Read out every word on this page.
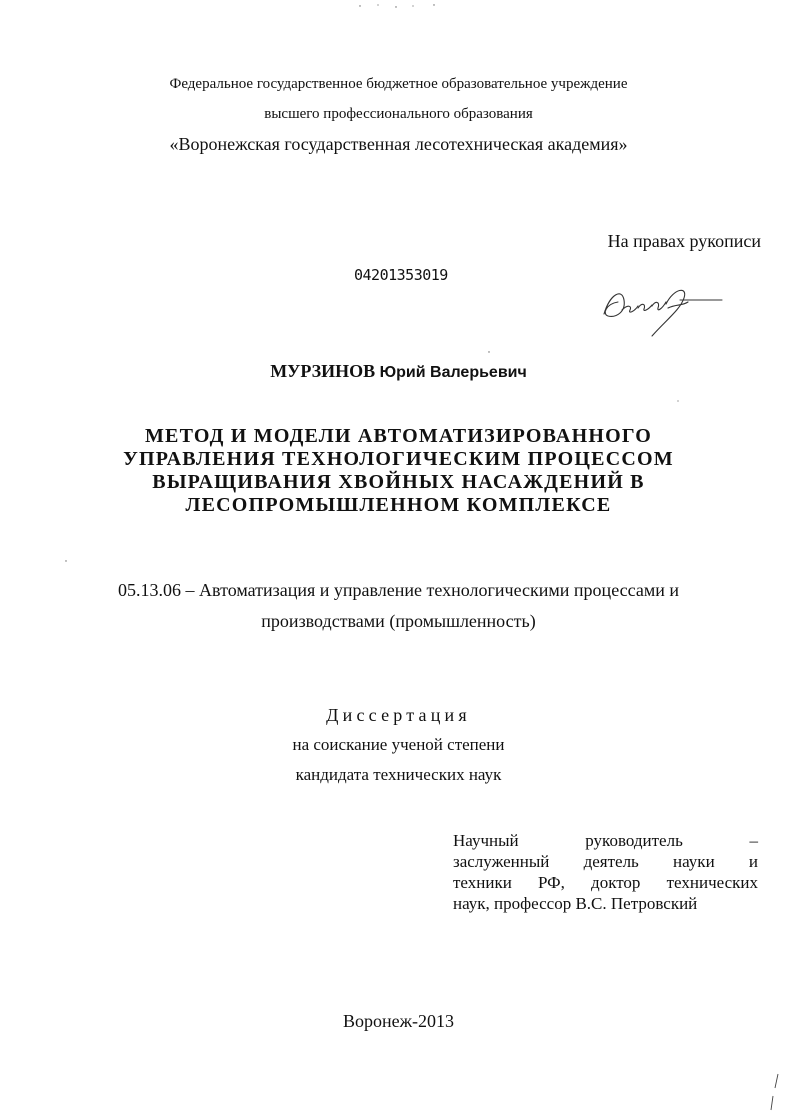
Федеральное государственное бюджетное образовательное учреждение
высшего профессионального образования
«Воронежская государственная лесотехническая академия»
На правах рукописи
04201353019
МУРЗИНОВ Юрий Валерьевич
МЕТОД И МОДЕЛИ АВТОМАТИЗИРОВАННОГО
УПРАВЛЕНИЯ ТЕХНОЛОГИЧЕСКИМ ПРОЦЕССОМ
ВЫРАЩИВАНИЯ ХВОЙНЫХ НАСАЖДЕНИЙ В
ЛЕСОПРОМЫШЛЕННОМ КОМПЛЕКСЕ
05.13.06 – Автоматизация и управление технологическими процессами и
производствами (промышленность)
Диссертация
на соискание ученой степени
кандидата технических наук
Научный	руководитель	–
заслуженный деятель науки и
техники РФ, доктор технических
наук, профессор В.С. Петровский
Воронеж-2013
